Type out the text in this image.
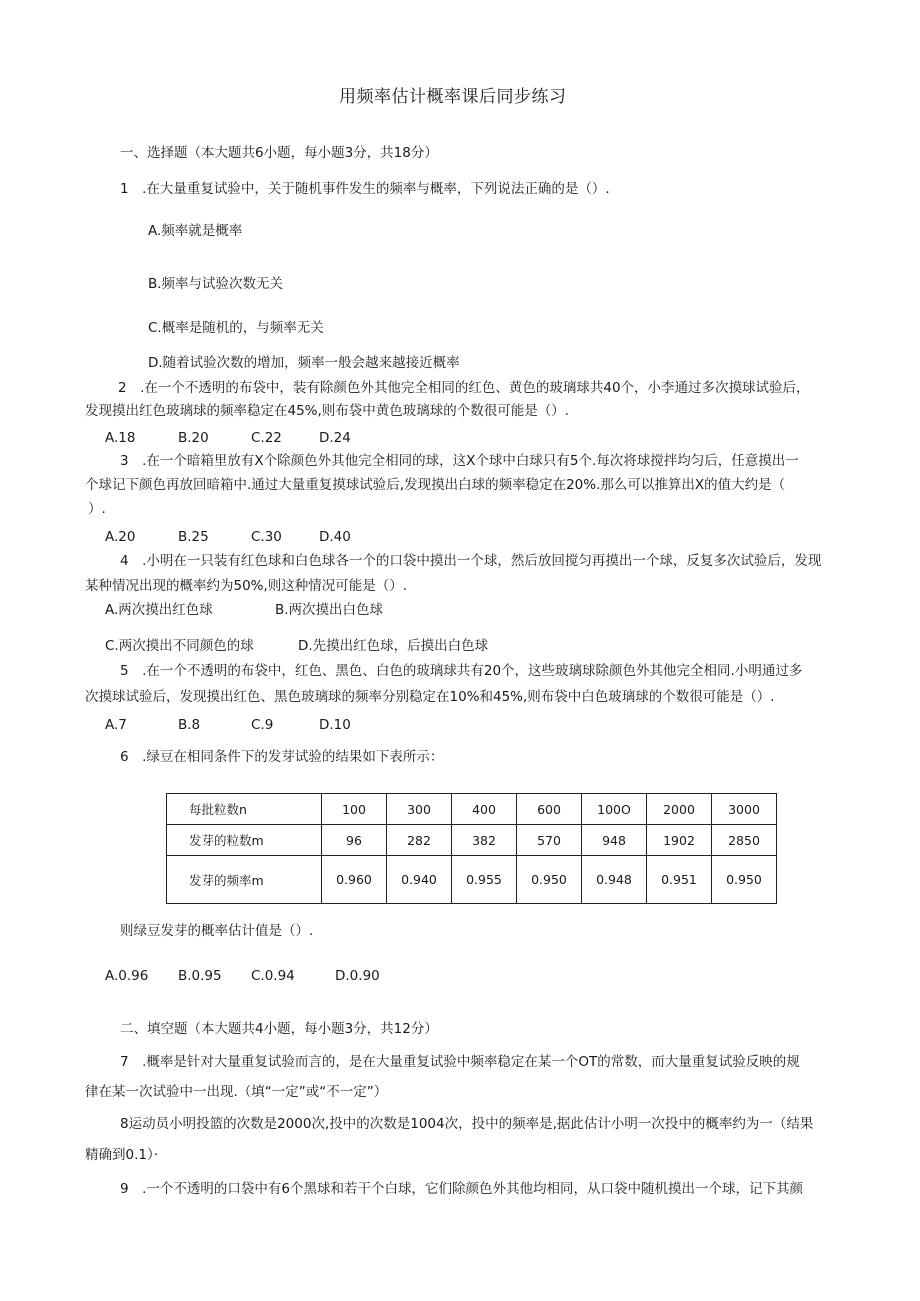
用频率估计概率课后同步练习
一、选择题（本大题共6小题，每小题3分，共18分）
1　.在大量重复试验中，关于随机事件发生的频率与概率，下列说法正确的是（）.
A.频率就是概率
B.频率与试验次数无关
C.概率是随机的，与频率无关
D.随着试验次数的增加，频率一般会越来越接近概率
2　.在一个不透明的布袋中，装有除颜色外其他完全相同的红色、黄色的玻璃球共40个，小李通过多次摸球试验后，
发现摸出红色玻璃球的频率稳定在45%,则布袋中黄色玻璃球的个数很可能是（）.
A.18	B.20	C.22	D.24
3　.在一个暗箱里放有X个除颜色外其他完全相同的球，这X个球中白球只有5个.每次将球搅拌均匀后，任意摸出一
个球记下颜色再放回暗箱中.通过大量重复摸球试验后,发现摸出白球的频率稳定在20%.那么可以推算出X的值大约是（
）.
A.20	B.25	C.30	D.40
4　.小明在一只装有红色球和白色球各一个的口袋中摸出一个球，然后放回搅匀再摸出一个球，反复多次试验后，发现
某种情况出现的概率约为50%,则这种情况可能是（）.
A.两次摸出红色球	B.两次摸出白色球
C.两次摸出不同颜色的球	D.先摸出红色球，后摸出白色球
5　.在一个不透明的布袋中，红色、黑色、白色的玻璃球共有20个，这些玻璃球除颜色外其他完全相同.小明通过多
次摸球试验后，发现摸出红色、黑色玻璃球的频率分别稳定在10%和45%,则布袋中白色玻璃球的个数很可能是（）.
A.7	B.8	C.9	D.10
6　.绿豆在相同条件下的发芽试验的结果如下表所示：
每批粒数n	100	300	400	600	100O	2000	3000
发芽的粒数m	96	282	382	570	948	1902	2850
发芽的频率m	0.960	0.940	0.955	0.950	0.948	0.951	0.950
则绿豆发芽的概率估计值是（）.
A.0.96 B.0.95 C.0.94	D.0.90
二、填空题（本大题共4小题，每小题3分，共12分）
7　.概率是针对大量重复试验而言的，是在大量重复试验中频率稳定在某一个OT的常数，而大量重复试验反映的规
律在某一次试验中一出现.（填“一定”或“不一定”）
8运动员小明投篮的次数是2000次,投中的次数是1004次，投中的频率是,据此估计小明一次投中的概率约为一（结果
精确到0.1）·
9　.一个不透明的口袋中有6个黑球和若干个白球，它们除颜色外其他均相同，从口袋中随机摸出一个球，记下其颜
